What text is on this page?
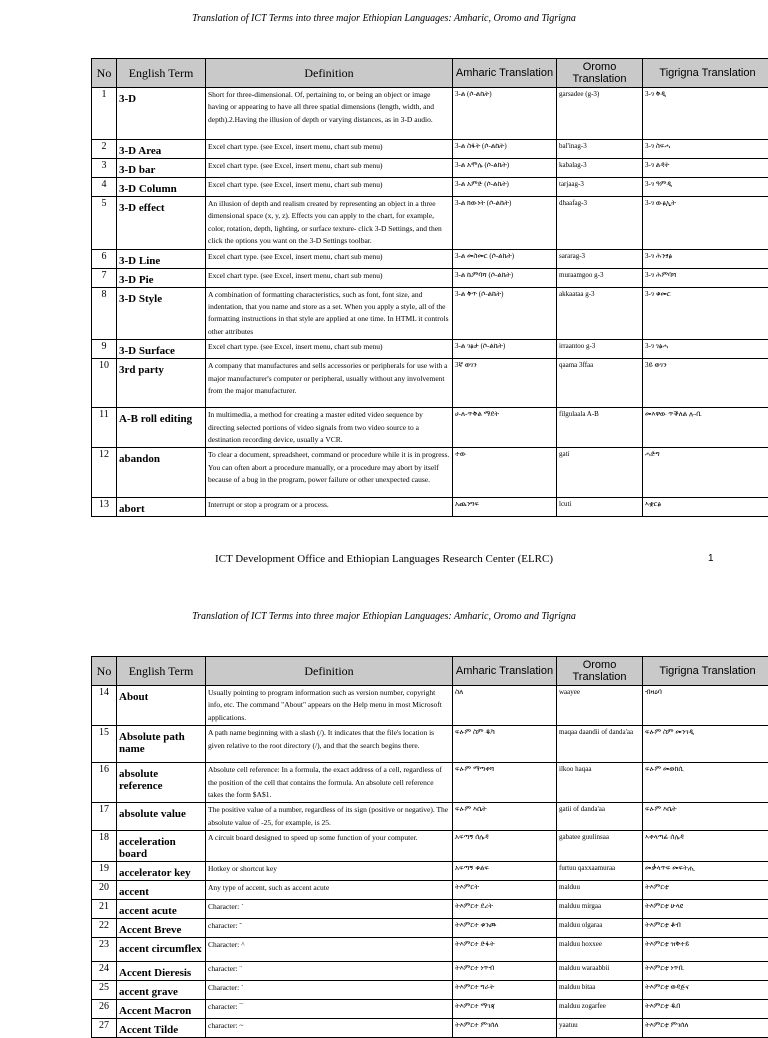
Translation of ICT Terms into three major Ethiopian Languages: Amharic, Oromo and Tigrigna
No	English Term	Definition	Amharic Translation	Oromo Translation	Tigrigna Translation
1	3-D	Short for three-dimensional. Of, pertaining to, or being an object or image having or appearing to have all three spatial dimensions (length, width, and depth).2.Having the illusion of depth or varying distances, as in 3-D audio.	3-ል (ሶ-ልኬት)	garsadee (g-3)	3-ገ ቅዲ
2	3-D Area	Excel chart type. (see Excel, insert menu, chart sub menu)	3-ል ስፋት (ሶ-ልኬት)	bal'inag-3	3-ገ ስፍሓ
3	3-D bar	Excel chart type. (see Excel, insert menu, chart sub menu)	3-ል አሞሌ (ሶ-ልኬት)	kabalag-3	3-ገ ልዳት
4	3-D Column	Excel chart type. (see Excel, insert menu, chart sub menu)	3-ል አምድ (ሶ-ልኬት)	tarjaag-3	3-ገ ዓምዲ
5	3-D effect	An illusion of depth and realism created by representing an object in a three dimensional space (x, y, z). Effects you can apply to the chart, for example, color, rotation, depth, lighting, or surface texture- click 3-D Settings, and then click the options you want on the 3-D Settings toolbar.	3-ል ክውነት (ሶ-ልኬት)	dhaafag-3	3-ገ ውፅኢት
6	3-D Line	Excel chart type. (see Excel, insert menu, chart sub menu)	3-ል መስመር (ሶ-ልኬት)	sararag-3	3-ገ ሕንፃፅ
7	3-D Pie	Excel chart type. (see Excel, insert menu, chart sub menu)	3-ል ኬምባሻ (ሶ-ልኬት)	muraamgoo g-3	3-ገ ሕምባሻ
8	3-D Style	A combination of formatting characteristics, such as font, font size, and indentation, that you name and store as a set. When you apply a style, all of the formatting instructions in that style are applied at one time. In HTML it controls other attributes	3-ል ቅጥ (ሶ-ልኬት)	akkaataa g-3	3-ገ ቁመር
9	3-D Surface	Excel chart type. (see Excel, insert menu, chart sub menu)	3-ል ገፅታ (ሶ-ልኬት)	irraantoo g-3	3-ገ ገፅሓ
10	3rd party	A company that manufactures and sells accessories or peripherals for use with a major manufacturer's computer or peripheral, usually without any involvement from the major manufacturer.	3ኛ ወገን	qaama 3ffaa	3ይ ወገን
11	A-B roll editing	In multimedia, a method for creating a master edited video sequence by directing selected portions of video signals from two video source to a destination recording device, usually a VCR.	ሀ-ለ-ጥቅል ማደት	filgulaala A-B	መእዋው ጥቕለል ሉ-ቢ
12	abandon	To clear a document, spreadsheet, command or procedure while it is in progress. You can often abort a procedure manually, or a procedure may abort by itself because of a bug in the program, power failure or other unexpected cause.	ተው	gati	ሓድግ
13	abort	Interrupt or stop a program or a process.	አጨንግፍ	lcuti	ኣቋርፅ
ICT Development Office and Ethiopian Languages Research Center (ELRC)	1
Translation of ICT Terms into three major Ethiopian Languages: Amharic, Oromo and Tigrigna
No	English Term	Definition	Amharic Translation	Oromo Translation	Tigrigna Translation
14	About	Usually pointing to program information such as version number, copyright info, etc. The command "About" appears on the Help menu in most Microsoft applications.	ስለ	waayee	ብዛዕባ
15	Absolute path name	A path name beginning with a slash (/). It indicates that the file's location is given relative to the root directory (/), and that the search begins there.	ፍፁም ስም ዱካ	maqaa daandii of danda'aa	ፍፁም ስም መንገዲ
16	absolute reference	Absolute cell reference: In a formula, the exact address of a cell, regardless of the position of the cell that contains the formula. An absolute cell reference takes the form $A$1.	ፍፁም ማጣቀሻ	ilkoo haqaa	ፍፁም መወከሲ
17	absolute value	The positive value of a number, regardless of its sign (positive or negative). The absolute value of -25, for example, is 25.	ፍፁም እሴት	gatii of danda'aa	ፍፁም እሴት
18	acceleration board	A circuit board designed to speed up some function of your computer.	አፍጣኝ ሰሌዳ	gabatee guulinsaa	ኣቀላጣፊ ሰሌዳ
19	accelerator key	Hotkey or shortcut key	አፍጣኝ ቁልፍ	furtuu qaxxaamuraa	መቃላጥፍ መፍትሒ
20	accent	Any type of accent, such as accent acute	ትእምርት	malduu	ትእምርቲ
21	accent acute	Character: ´	ትእምርተ ደረት	malduu mirgaa	ትእምርቲ ሁላዩ
22	Accent Breve	character: ˘	ትእምርተ ቁንጮ	malduu olgaraa	ትእምርቲ ቆብ
23	accent circumflex	Character: ^	ትእምርተ ድፋት	malduu hoxxee	ትእምርቲ ዝቅተይ
24	Accent Dieresis	character: ¨	ትእምርተ ነጥብ	malduu waraabbii	ትእምርቲ ነጥቢ
25	accent grave	Character: `	ትእምርተ ግራት	malduu bitaa	ትእምርቲ ወዳጅና
26	Accent Macron	character: ¯	ትእምርተ ማገጃ	malduu zogarfee	ትእምርቲ ዱበ
27	Accent Tilde	character: ~	ትእምርተ ምገሰለ	yaatuu	ትእምርቲ ምገሰለ
